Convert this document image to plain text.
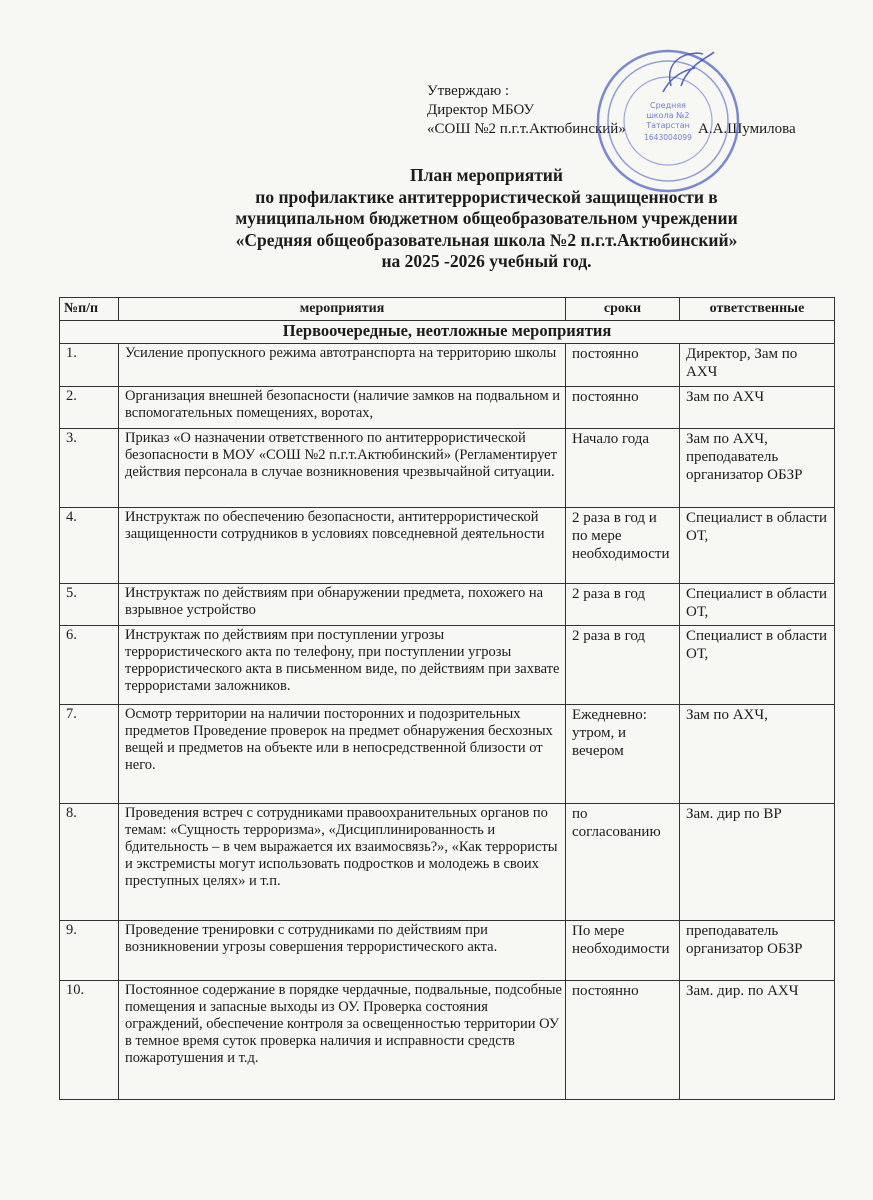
Утверждаю :
Директор МБОУ
«СОШ №2 п.г.т.Актюбинский»	А.А.Шумилова
Средняя
школа №2
Татарстан
1643004099
План мероприятий
по профилактике антитеррористической защищенности в
муниципальном бюджетном общеобразовательном учреждении
«Средняя общеобразовательная школа №2 п.г.т.Актюбинский»
на 2025 -2026 учебный год.
№п/п	мероприятия	сроки	ответственные
Первоочередные, неотложные мероприятия			
1.	Усиление пропускного режима автотранспорта на территорию школы	постоянно	Директор, Зам по АХЧ
2.	Организация внешней безопасности (наличие замков на подвальном и вспомогательных помещениях, воротах,	постоянно	Зам по АХЧ
3.	Приказ «О назначении ответственного по антитеррористической безопасности в МОУ «СОШ №2 п.г.т.Актюбинский» (Регламентирует действия персонала в случае возникновения чрезвычайной ситуации.	Начало года	Зам по АХЧ, преподаватель организатор ОБЗР
4.	Инструктаж по обеспечению безопасности, антитеррористической защищенности сотрудников в условиях повседневной деятельности	2 раза в год и по мере необходимости	Специалист в области ОТ,
5.	Инструктаж по действиям при обнаружении предмета, похожего на взрывное устройство	2 раза в год	Специалист в области ОТ,
6.	Инструктаж по действиям при поступлении угрозы террористического акта по телефону, при поступлении угрозы террористического акта в письменном виде, по действиям при захвате террористами заложников.	2 раза в год	Специалист в области ОТ,
7.	Осмотр территории на наличии посторонних и подозрительных предметов Проведение проверок на предмет обнаружения бесхозных вещей и предметов на объекте или в непосредственной близости от него.	Ежедневно: утром, и вечером	Зам по АХЧ,
8.	Проведения встреч с сотрудниками правоохранительных органов по темам: «Сущность терроризма», «Дисциплинированность и бдительность – в чем выражается их взаимосвязь?», «Как террористы и экстремисты могут использовать подростков и молодежь в своих преступных целях» и т.п.	по согласованию	Зам. дир по ВР
9.	Проведение тренировки с сотрудниками по действиям при возникновении угрозы совершения террористического акта.	По мере необходимости	преподаватель организатор ОБЗР
10.	Постоянное содержание в порядке чердачные, подвальные, подсобные помещения и запасные выходы из ОУ. Проверка состояния ограждений, обеспечение контроля за освещенностью территории ОУ в темное время суток проверка наличия и исправности средств пожаротушения и т.д.	постоянно	Зам. дир. по АХЧ
